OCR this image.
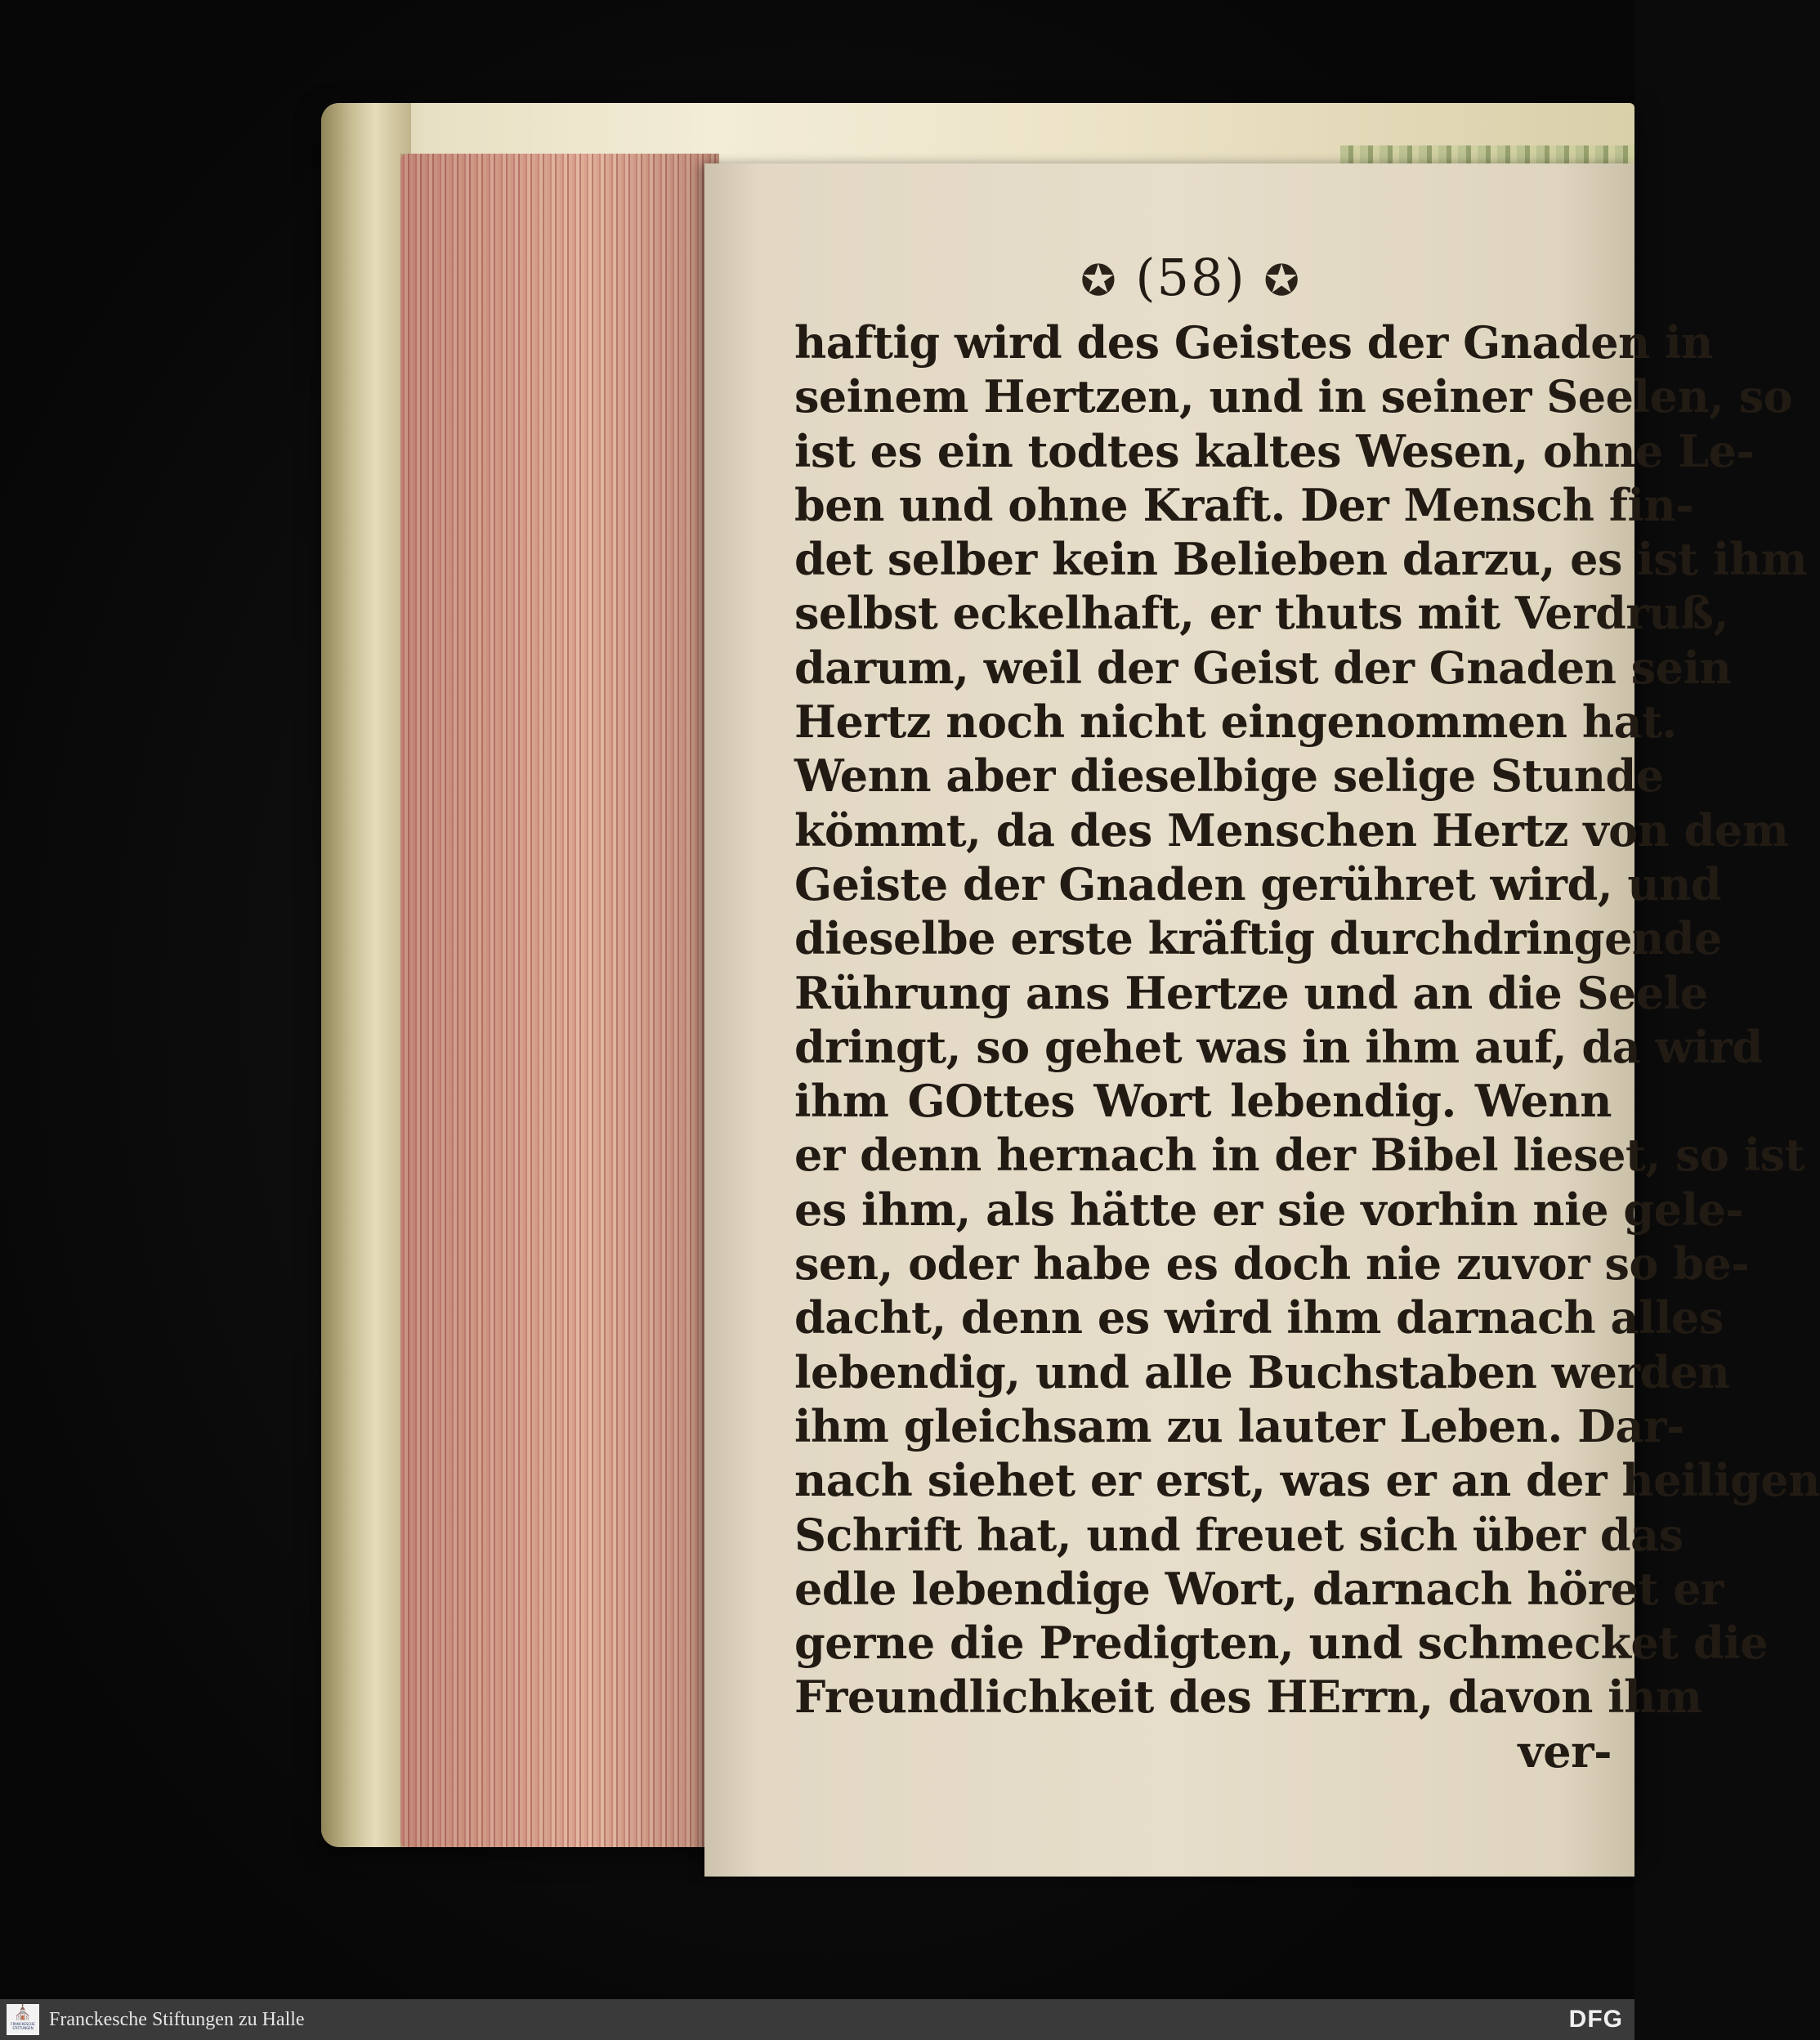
✪ (58) ✪
haftig wird des Geistes der Gnaden in
seinem Hertzen, und in seiner Seelen, so
ist es ein todtes kaltes Wesen, ohne Le-
ben und ohne Kraft. Der Mensch fin-
det selber kein Belieben darzu, es ist ihm
selbst eckelhaft, er thuts mit Verdruß,
darum, weil der Geist der Gnaden sein
Hertz noch nicht eingenommen hat.
Wenn aber dieselbige selige Stunde
kömmt, da des Menschen Hertz von dem
Geiste der Gnaden gerühret wird, und
dieselbe erste kräftig durchdringende
Rührung ans Hertze und an die Seele
dringt, so gehet was in ihm auf, da wird
ihm GOttes Wort lebendig. Wenn
er denn hernach in der Bibel lieset, so ist
es ihm, als hätte er sie vorhin nie gele-
sen, oder habe es doch nie zuvor so be-
dacht, denn es wird ihm darnach alles
lebendig, und alle Buchstaben werden
ihm gleichsam zu lauter Leben. Dar-
nach siehet er erst, was er an der heiligen
Schrift hat, und freuet sich über das
edle lebendige Wort, darnach höret er
gerne die Predigten, und schmecket die
Freundlichkeit des HErrn, davon ihm
ver-
⛪
FRANCKESCHE STIFTUNGEN Franckesche Stiftungen zu Halle	DFG
